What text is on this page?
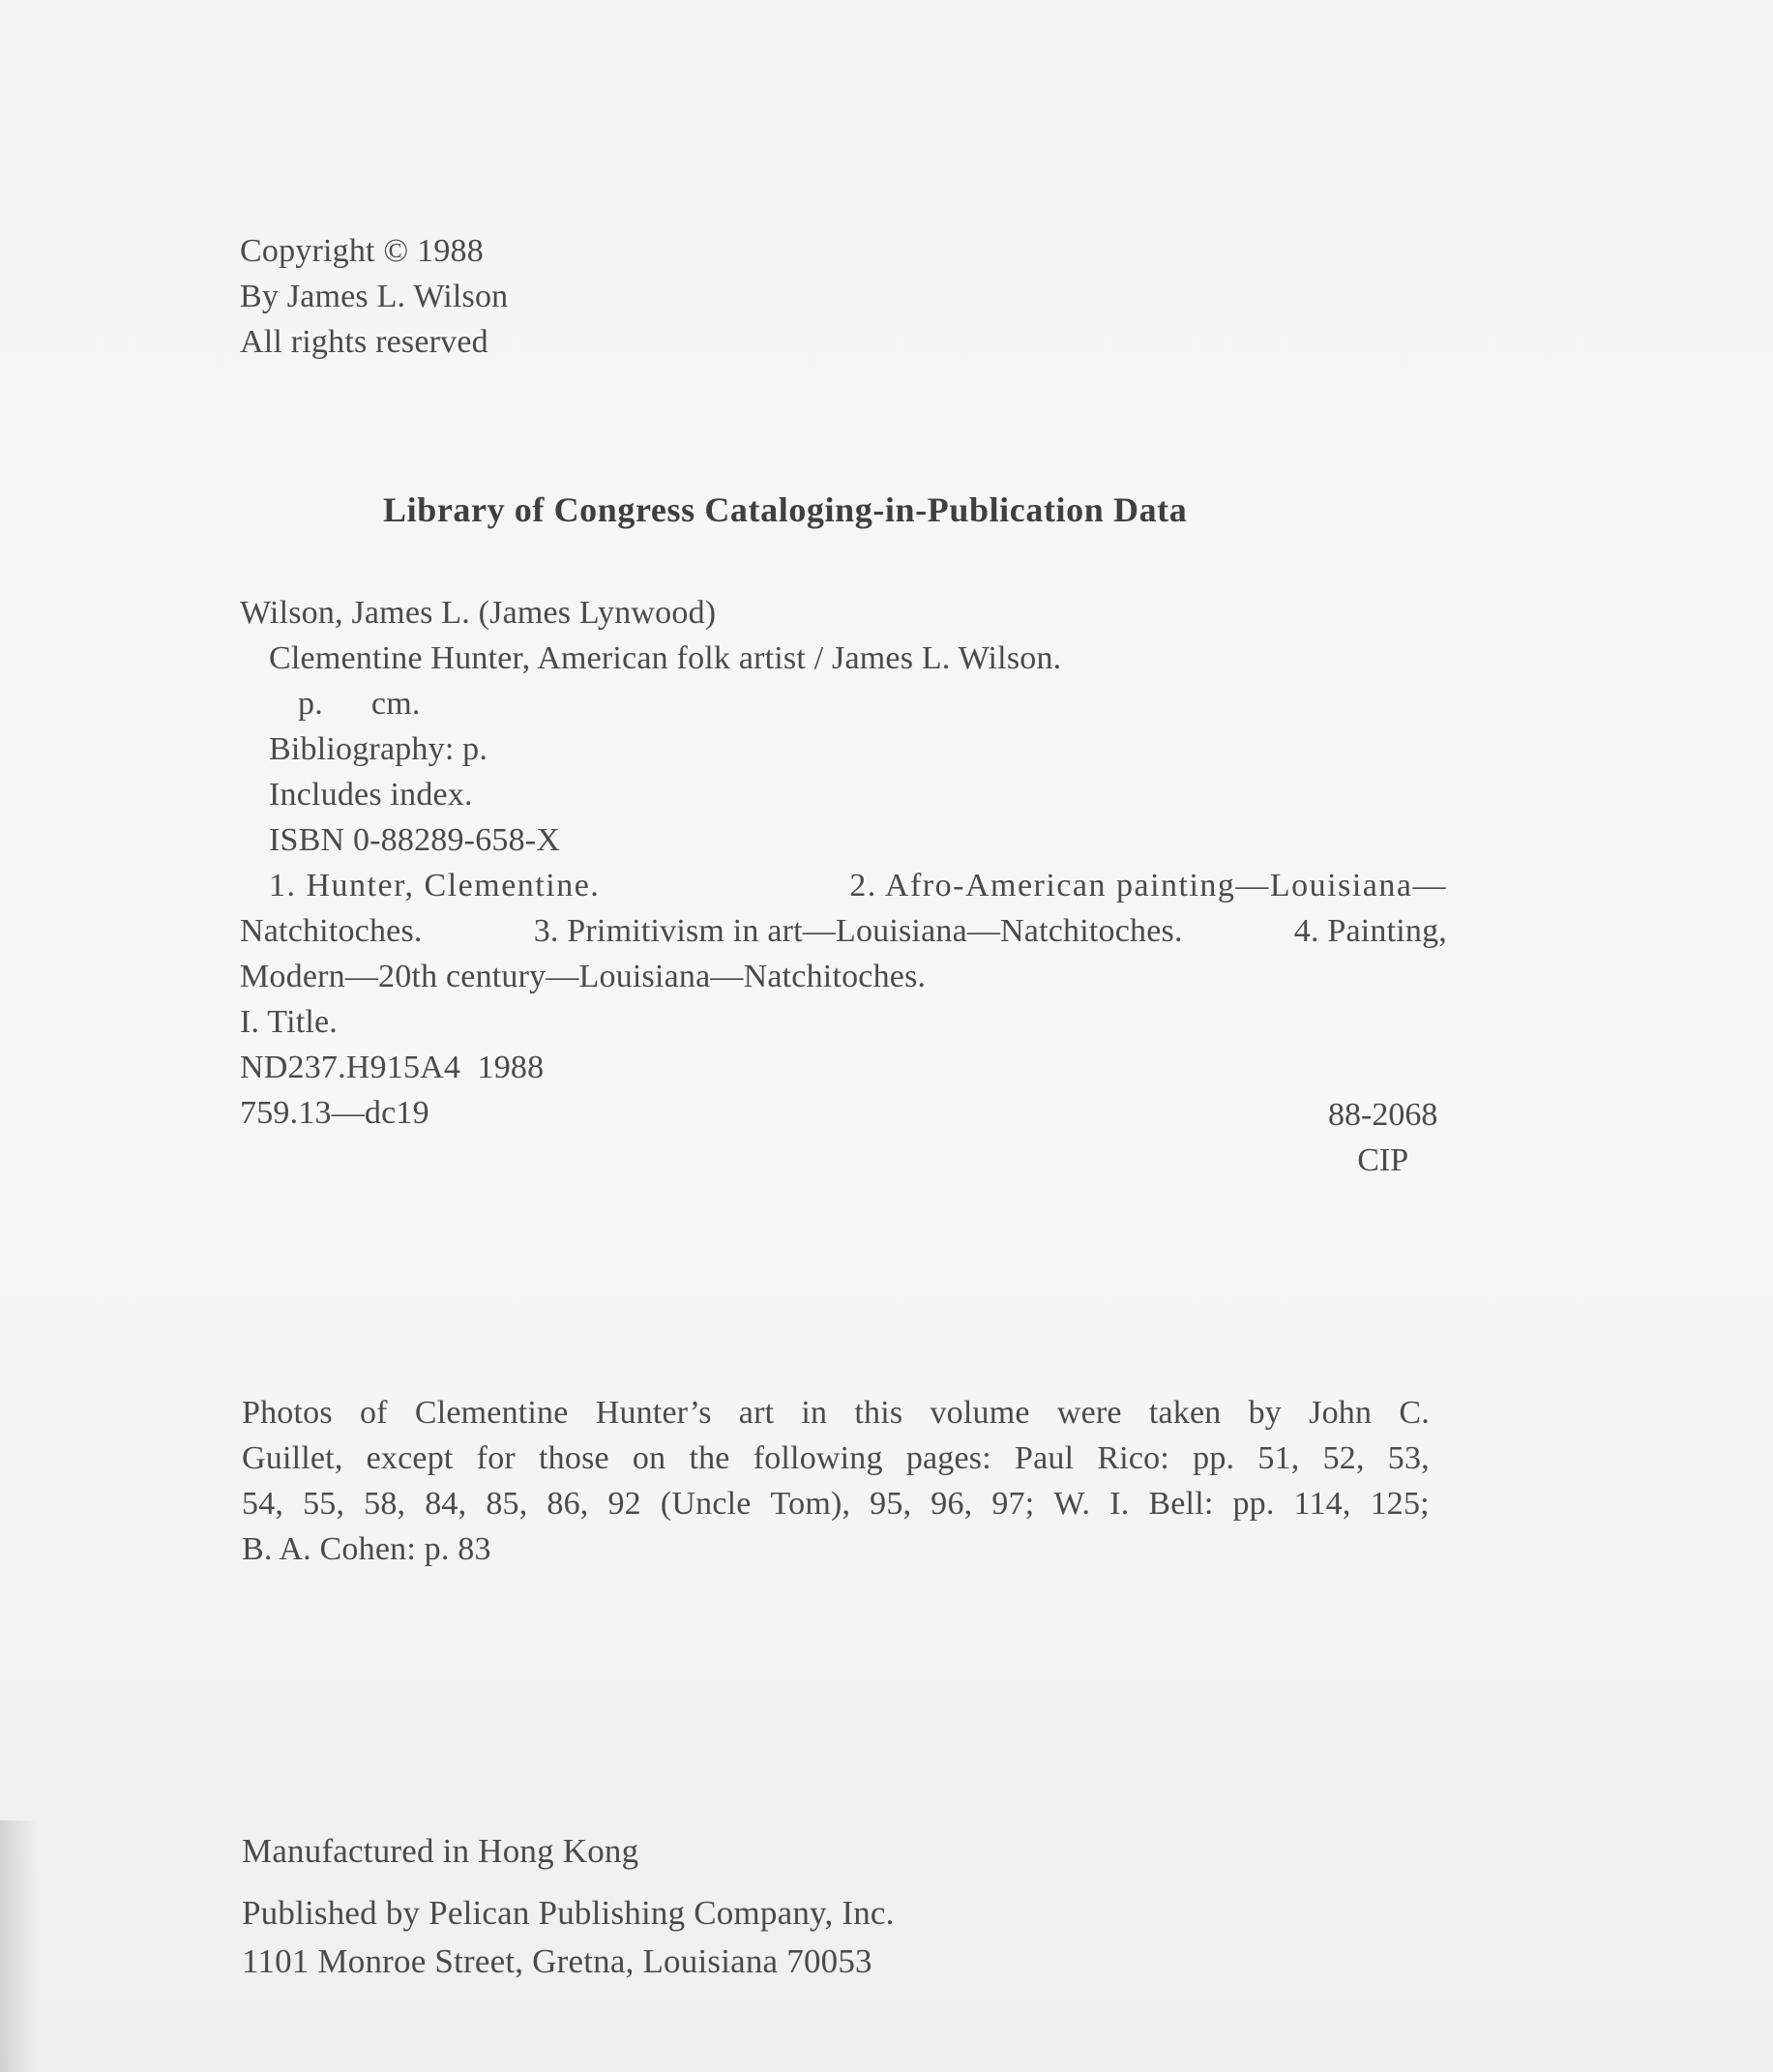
Copyright © 1988
By James L. Wilson
All rights reserved
Library of Congress Cataloging-in-Publication Data
Wilson, James L. (James Lynwood)
Clementine Hunter, American folk artist / James L. Wilson.
p. cm.
Bibliography: p.
Includes index.
ISBN 0-88289-658-X
1. Hunter, Clementine.	2. Afro-American painting—Louisiana—
Natchitoches.	3. Primitivism in art—Louisiana—Natchitoches.	4. Painting,
Modern—20th century—Louisiana—Natchitoches.
I. Title.
ND237.H915A4  1988
759.13—dc19	88-2068
CIP
Photos of Clementine Hunter’s art in this volume were taken by John C.
Guillet, except for those on the following pages: Paul Rico: pp. 51, 52, 53,
54, 55, 58, 84, 85, 86, 92 (Uncle Tom), 95, 96, 97; W. I. Bell: pp. 114, 125;
B. A. Cohen: p. 83
Manufactured in Hong Kong
Published by Pelican Publishing Company, Inc.
1101 Monroe Street, Gretna, Louisiana 70053
